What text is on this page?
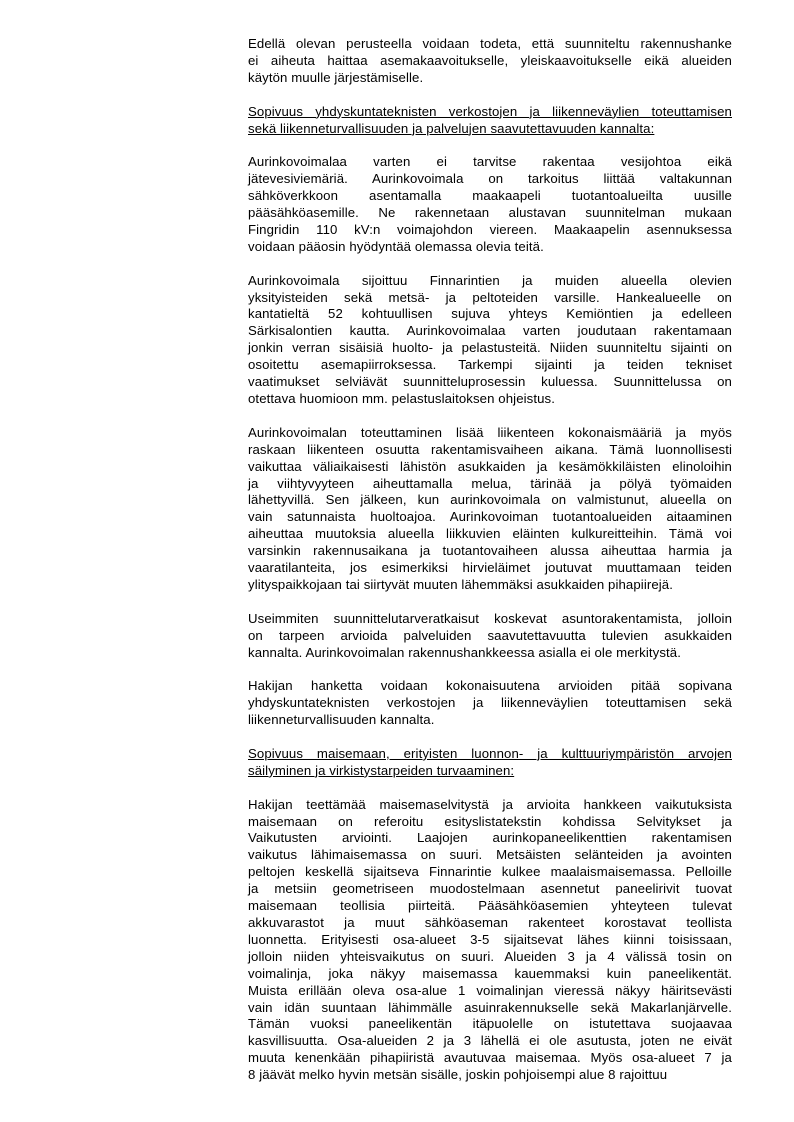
Edellä olevan perusteella voidaan todeta, että suunniteltu rakennushanke
ei aiheuta haittaa asemakaavoitukselle, yleiskaavoitukselle eikä alueiden
käytön muulle järjestämiselle.
Sopivuus yhdyskuntateknisten verkostojen ja liikenneväylien toteuttamisen
sekä liikenneturvallisuuden ja palvelujen saavutettavuuden kannalta:
Aurinkovoimalaa varten ei tarvitse rakentaa vesijohtoa eikä
jätevesiviemäriä. Aurinkovoimala on tarkoitus liittää valtakunnan
sähköverkkoon asentamalla maakaapeli tuotantoalueilta uusille
pääsähköasemille. Ne rakennetaan alustavan suunnitelman mukaan
Fingridin 110 kV:n voimajohdon viereen. Maakaapelin asennuksessa
voidaan pääosin hyödyntää olemassa olevia teitä.
Aurinkovoimala sijoittuu Finnarintien ja muiden alueella olevien
yksityisteiden sekä metsä- ja peltoteiden varsille. Hankealueelle on
kantatieltä 52 kohtuullisen sujuva yhteys Kemiöntien ja edelleen
Särkisalontien kautta. Aurinkovoimalaa varten joudutaan rakentamaan
jonkin verran sisäisiä huolto- ja pelastusteitä. Niiden suunniteltu sijainti on
osoitettu asemapiirroksessa. Tarkempi sijainti ja teiden tekniset
vaatimukset selviävät suunnitteluprosessin kuluessa. Suunnittelussa on
otettava huomioon mm. pelastuslaitoksen ohjeistus.
Aurinkovoimalan toteuttaminen lisää liikenteen kokonaismääriä ja myös
raskaan liikenteen osuutta rakentamisvaiheen aikana. Tämä luonnollisesti
vaikuttaa väliaikaisesti lähistön asukkaiden ja kesämökkiläisten elinoloihin
ja viihtyvyyteen aiheuttamalla melua, tärinää ja pölyä työmaiden
lähettyvillä. Sen jälkeen, kun aurinkovoimala on valmistunut, alueella on
vain satunnaista huoltoajoa. Aurinkovoiman tuotantoalueiden aitaaminen
aiheuttaa muutoksia alueella liikkuvien eläinten kulkureitteihin. Tämä voi
varsinkin rakennusaikana ja tuotantovaiheen alussa aiheuttaa harmia ja
vaaratilanteita, jos esimerkiksi hirvieläimet joutuvat muuttamaan teiden
ylityspaikkojaan tai siirtyvät muuten lähemmäksi asukkaiden pihapiirejä.
Useimmiten suunnittelutarveratkaisut koskevat asuntorakentamista, jolloin
on tarpeen arvioida palveluiden saavutettavuutta tulevien asukkaiden
kannalta. Aurinkovoimalan rakennushankkeessa asialla ei ole merkitystä.
Hakijan hanketta voidaan kokonaisuutena arvioiden pitää sopivana
yhdyskuntateknisten verkostojen ja liikenneväylien toteuttamisen sekä
liikenneturvallisuuden kannalta.
Sopivuus maisemaan, erityisten luonnon- ja kulttuuriympäristön arvojen
säilyminen ja virkistystarpeiden turvaaminen:
Hakijan teettämää maisemaselvitystä ja arvioita hankkeen vaikutuksista
maisemaan on referoitu esityslistatekstin kohdissa Selvitykset ja
Vaikutusten arviointi. Laajojen aurinkopaneelikenttien rakentamisen
vaikutus lähimaisemassa on suuri. Metsäisten selänteiden ja avointen
peltojen keskellä sijaitseva Finnarintie kulkee maalaismaisemassa. Pelloille
ja metsiin geometriseen muodostelmaan asennetut paneelirivit tuovat
maisemaan teollisia piirteitä. Pääsähköasemien yhteyteen tulevat
akkuvarastot ja muut sähköaseman rakenteet korostavat teollista
luonnetta. Erityisesti osa-alueet 3-5 sijaitsevat lähes kiinni toisissaan,
jolloin niiden yhteisvaikutus on suuri. Alueiden 3 ja 4 välissä tosin on
voimalinja, joka näkyy maisemassa kauemmaksi kuin paneelikentät.
Muista erillään oleva osa-alue 1 voimalinjan vieressä näkyy häiritsevästi
vain idän suuntaan lähimmälle asuinrakennukselle sekä Makarlanjärvelle.
Tämän vuoksi paneelikentän itäpuolelle on istutettava suojaavaa
kasvillisuutta. Osa-alueiden 2 ja 3 lähellä ei ole asutusta, joten ne eivät
muuta kenenkään pihapiiristä avautuvaa maisemaa. Myös osa-alueet 7 ja
8 jäävät melko hyvin metsän sisälle, joskin pohjoisempi alue 8 rajoittuu
